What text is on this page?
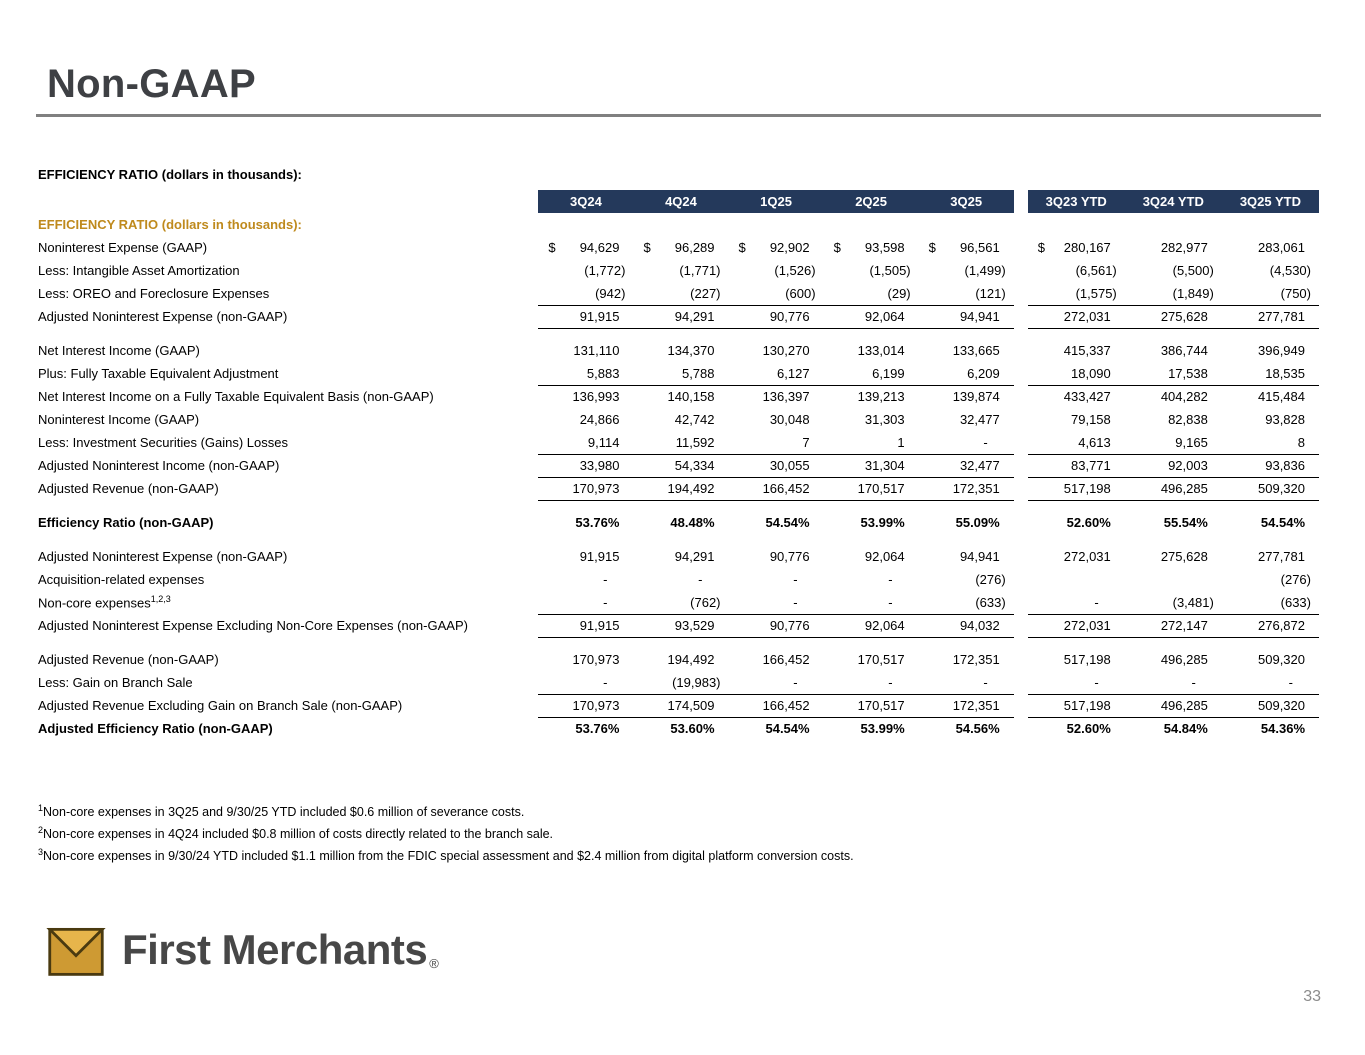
Non-GAAP
EFFICIENCY RATIO (dollars in thousands):
	3Q24	4Q24	1Q25	2Q25	3Q25		3Q23 YTD	3Q24 YTD	3Q25 YTD
EFFICIENCY RATIO (dollars in thousands):									
Noninterest Expense (GAAP)	$ 94,629	$ 96,289	$ 92,902	$ 93,598	$ 96,561		$ 280,167	282,977	283,061
Less: Intangible Asset Amortization	(1,772)	(1,771)	(1,526)	(1,505)	(1,499)		(6,561)	(5,500)	(4,530)
Less: OREO and Foreclosure Expenses	(942)	(227)	(600)	(29)	(121)		(1,575)	(1,849)	(750)
Adjusted Noninterest Expense (non-GAAP)	91,915	94,291	90,776	92,064	94,941		272,031	275,628	277,781

Net Interest Income (GAAP)	131,110	134,370	130,270	133,014	133,665		415,337	386,744	396,949
Plus: Fully Taxable Equivalent Adjustment	5,883	5,788	6,127	6,199	6,209		18,090	17,538	18,535
Net Interest Income on a Fully Taxable Equivalent Basis (non-GAAP)	136,993	140,158	136,397	139,213	139,874		433,427	404,282	415,484
Noninterest Income (GAAP)	24,866	42,742	30,048	31,303	32,477		79,158	82,838	93,828
Less: Investment Securities (Gains) Losses	9,114	11,592	7	1	-		4,613	9,165	8
Adjusted Noninterest Income (non-GAAP)	33,980	54,334	30,055	31,304	32,477		83,771	92,003	93,836
Adjusted Revenue (non-GAAP)	170,973	194,492	166,452	170,517	172,351		517,198	496,285	509,320

Efficiency Ratio (non-GAAP)	53.76%	48.48%	54.54%	53.99%	55.09%		52.60%	55.54%	54.54%

Adjusted Noninterest Expense (non-GAAP)	91,915	94,291	90,776	92,064	94,941		272,031	275,628	277,781
Acquisition-related expenses	-	-	-	-	(276)				(276)
Non-core expenses$^{1,2,3}$	-	(762)	-	-	(633)		-	(3,481)	(633)
Adjusted Noninterest Expense Excluding Non-Core Expenses (non-GAAP)	91,915	93,529	90,776	92,064	94,032		272,031	272,147	276,872

Adjusted Revenue (non-GAAP)	170,973	194,492	166,452	170,517	172,351		517,198	496,285	509,320
Less: Gain on Branch Sale	-	(19,983)	-	-	-		-	-	-
Adjusted Revenue Excluding Gain on Branch Sale (non-GAAP)	170,973	174,509	166,452	170,517	172,351		517,198	496,285	509,320
Adjusted Efficiency Ratio (non-GAAP)	53.76%	53.60%	54.54%	53.99%	54.56%		52.60%	54.84%	54.36%
$^1$Non-core expenses in 3Q25 and 9/30/25 YTD included $0.6 million of severance costs.
$^2$Non-core expenses in 4Q24 included $0.8 million of costs directly related to the branch sale.
$^3$Non-core expenses in 9/30/24 YTD included $1.1 million from the FDIC special assessment and $2.4 million from digital platform conversion costs.
First Merchants ®
33
